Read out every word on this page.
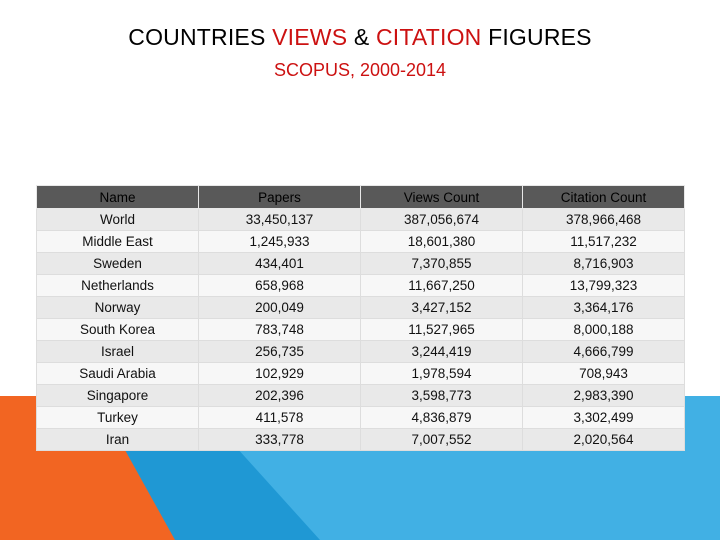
COUNTRIES VIEWS & CITATION FIGURES
SCOPUS, 2000-2014
Name	Papers	Views Count	Citation Count
World	33,450,137	387,056,674	378,966,468
Middle East	1,245,933	18,601,380	11,517,232
Sweden	434,401	7,370,855	8,716,903
Netherlands	658,968	11,667,250	13,799,323
Norway	200,049	3,427,152	3,364,176
South Korea	783,748	11,527,965	8,000,188
Israel	256,735	3,244,419	4,666,799
Saudi Arabia	102,929	1,978,594	708,943
Singapore	202,396	3,598,773	2,983,390
Turkey	411,578	4,836,879	3,302,499
Iran	333,778	7,007,552	2,020,564
